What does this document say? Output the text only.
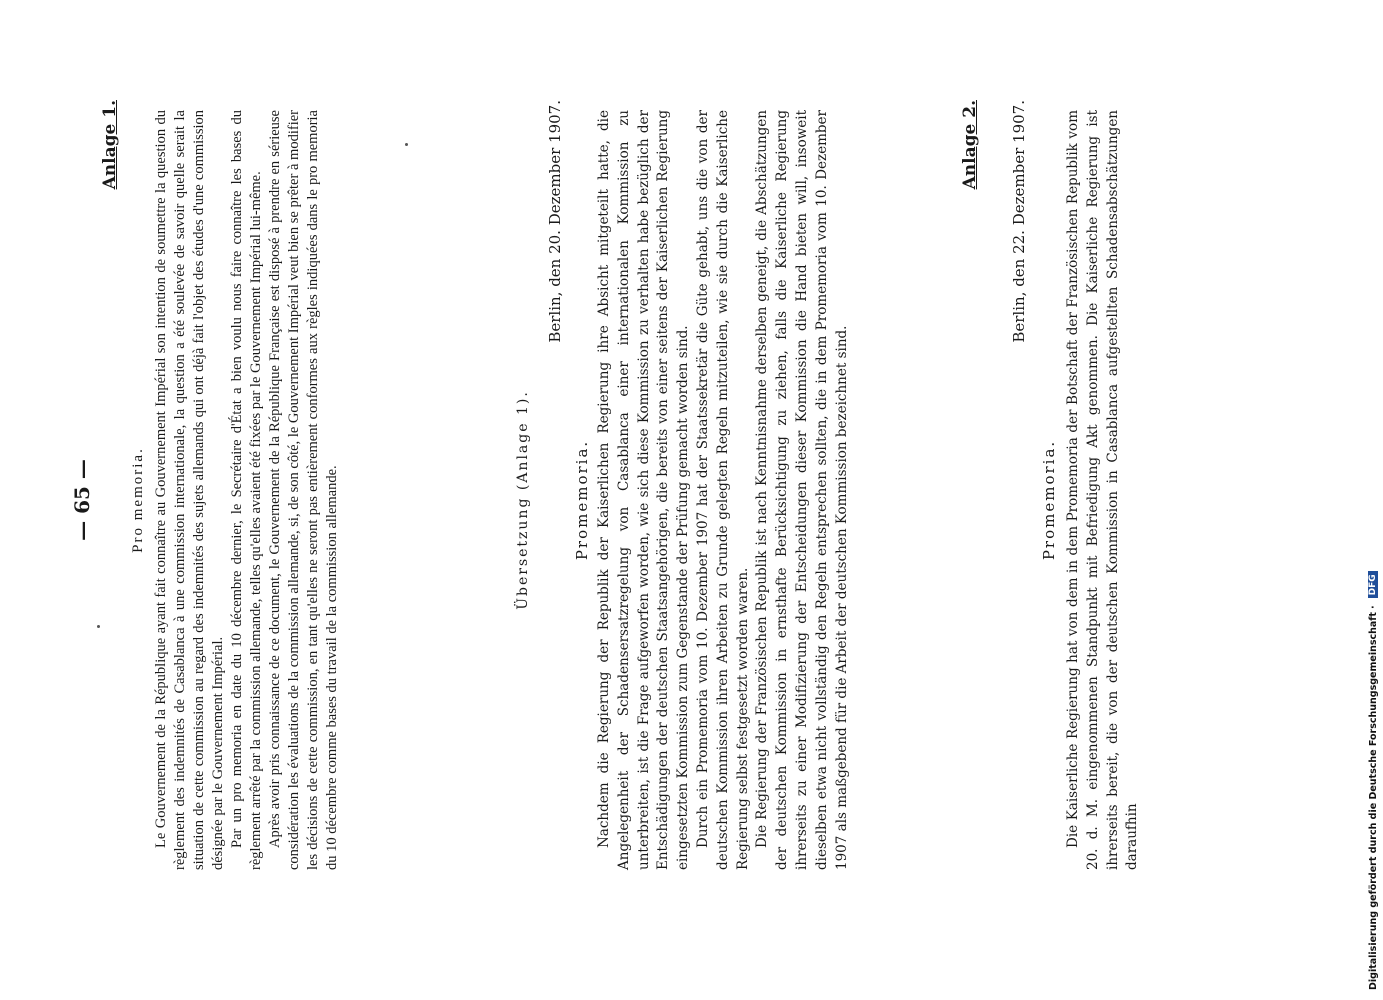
— 65 —
Anlage 1.
Pro memoria. Le Gouvernement de la République ayant fait connaître au Gouvernement Impérial son intention de soumettre la question du règlement des indemnités de Casablanca à une commission internationale, la question a été soulevée de savoir quelle serait la situation de cette commission au regard des indemnités des sujets allemands qui ont déjà fait l'objet des études d'une commission désignée par le Gouvernement Impérial. Par un pro memoria en date du 10 décembre dernier, le Secrétaire d'État a bien voulu nous faire connaître les bases du règlement arrêté par la commission allemande, telles qu'elles avaient été fixées par le Gouvernement Impérial lui-même. Après avoir pris connaissance de ce document, le Gouvernement de la République Française est disposé à prendre en sérieuse considération les évaluations de la commission allemande, si, de son côté, le Gouvernement Impérial veut bien se prêter à modifier les décisions de cette commission, en tant qu'elles ne seront pas entièrement conformes aux règles indiquées dans le pro memoria du 10 décembre comme bases du travail de la commission allemande.	Übersetzung (Anlage 1).
Berlin, den 20. Dezember 1907.
Promemoria. Nachdem die Regierung der Republik der Kaiserlichen Regierung ihre Absicht mitgeteilt hatte, die Angelegenheit der Schadensersatzregelung von Casablanca einer internationalen Kommission zu unterbreiten, ist die Frage aufgeworfen worden, wie sich diese Kommission zu verhalten habe bezüglich der Entschädigungen der deutschen Staatsangehörigen, die bereits von einer seitens der Kaiserlichen Regierung eingesetzten Kommission zum Gegenstande der Prüfung gemacht worden sind. Durch ein Promemoria vom 10. Dezember 1907 hat der Staatssekretär die Güte gehabt, uns die von der deutschen Kommission ihren Arbeiten zu Grunde gelegten Regeln mitzuteilen, wie sie durch die Kaiserliche Regierung selbst festgesetzt worden waren. Die Regierung der Französischen Republik ist nach Kenntnisnahme derselben geneigt, die Abschätzungen der deutschen Kommission in ernsthafte Berücksichtigung zu ziehen, falls die Kaiserliche Regierung ihrerseits zu einer Modifizierung der Entscheidungen dieser Kommission die Hand bieten will, insoweit dieselben etwa nicht vollständig den Regeln entsprechen sollten, die in dem Promemoria vom 10. Dezember 1907 als maßgebend für die Arbeit der deutschen Kommission bezeichnet sind.

Anlage 2. Berlin, den 22. Dezember 1907.
Promemoria. Die Kaiserliche Regierung hat von dem in dem Promemoria der Botschaft der Französischen Republik vom 20. d. M. eingenommenen Standpunkt mit Befriedigung Akt genommen. Die Kaiserliche Regierung ist ihrerseits bereit, die von der deutschen Kommission in Casablanca aufgestellten Schadensabschätzungen daraufhin	Digitalisierung gefördert durch die Deutsche Forschungsgemeinschaft
·
DFG
